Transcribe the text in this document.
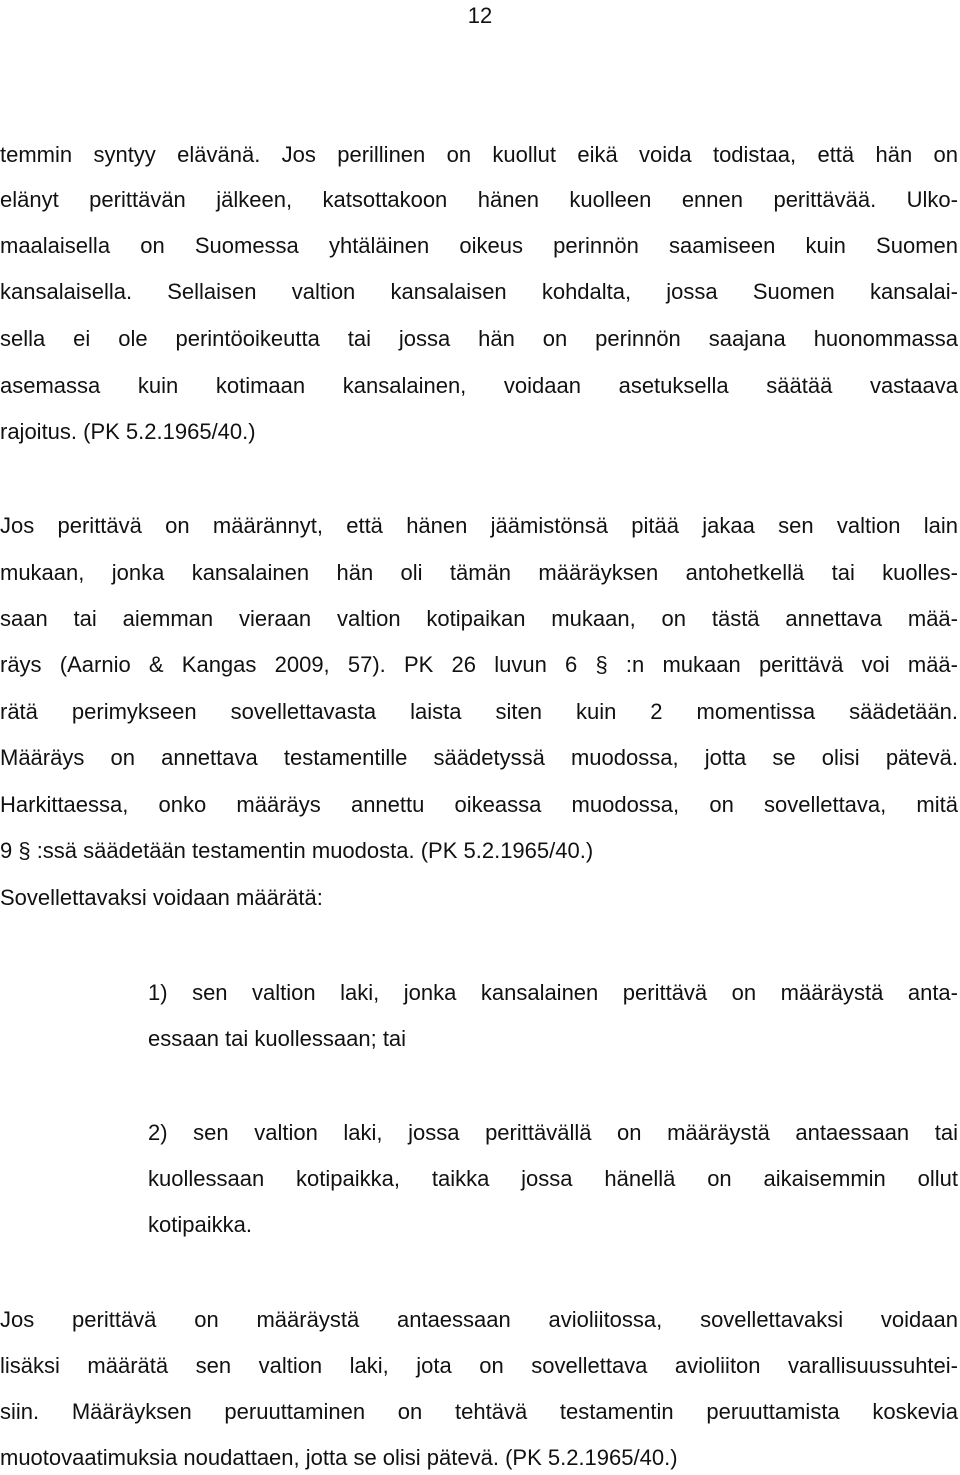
12
temmin syntyy elävänä. Jos perillinen on kuollut eikä voida todistaa, että hän on
elänyt perittävän jälkeen, katsottakoon hänen kuolleen ennen perittävää. Ulko-
maalaisella on Suomessa yhtäläinen oikeus perinnön saamiseen kuin Suomen
kansalaisella. Sellaisen valtion kansalaisen kohdalta, jossa Suomen kansalai-
sella ei ole perintöoikeutta tai jossa hän on perinnön saajana huonommassa
asemassa kuin kotimaan kansalainen, voidaan asetuksella säätää vastaava
rajoitus. (PK 5.2.1965/40.)
Jos perittävä on määrännyt, että hänen jäämistönsä pitää jakaa sen valtion lain
mukaan, jonka kansalainen hän oli tämän määräyksen antohetkellä tai kuolles-
saan tai aiemman vieraan valtion kotipaikan mukaan, on tästä annettava mää-
räys (Aarnio & Kangas 2009, 57). PK 26 luvun 6 § :n mukaan perittävä voi mää-
rätä perimykseen sovellettavasta laista siten kuin 2 momentissa säädetään.
Määräys on annettava testamentille säädetyssä muodossa, jotta se olisi pätevä.
Harkittaessa, onko määräys annettu oikeassa muodossa, on sovellettava, mitä
9 § :ssä säädetään testamentin muodosta. (PK 5.2.1965/40.)
Sovellettavaksi voidaan määrätä:
1) sen valtion laki, jonka kansalainen perittävä on määräystä anta-
essaan tai kuollessaan; tai
2) sen valtion laki, jossa perittävällä on määräystä antaessaan tai
kuollessaan kotipaikka, taikka jossa hänellä on aikaisemmin ollut
kotipaikka.
Jos perittävä on määräystä antaessaan avioliitossa, sovellettavaksi voidaan
lisäksi määrätä sen valtion laki, jota on sovellettava avioliiton varallisuussuhtei-
siin. Määräyksen peruuttaminen on tehtävä testamentin peruuttamista koskevia
muotovaatimuksia noudattaen, jotta se olisi pätevä. (PK 5.2.1965/40.)
